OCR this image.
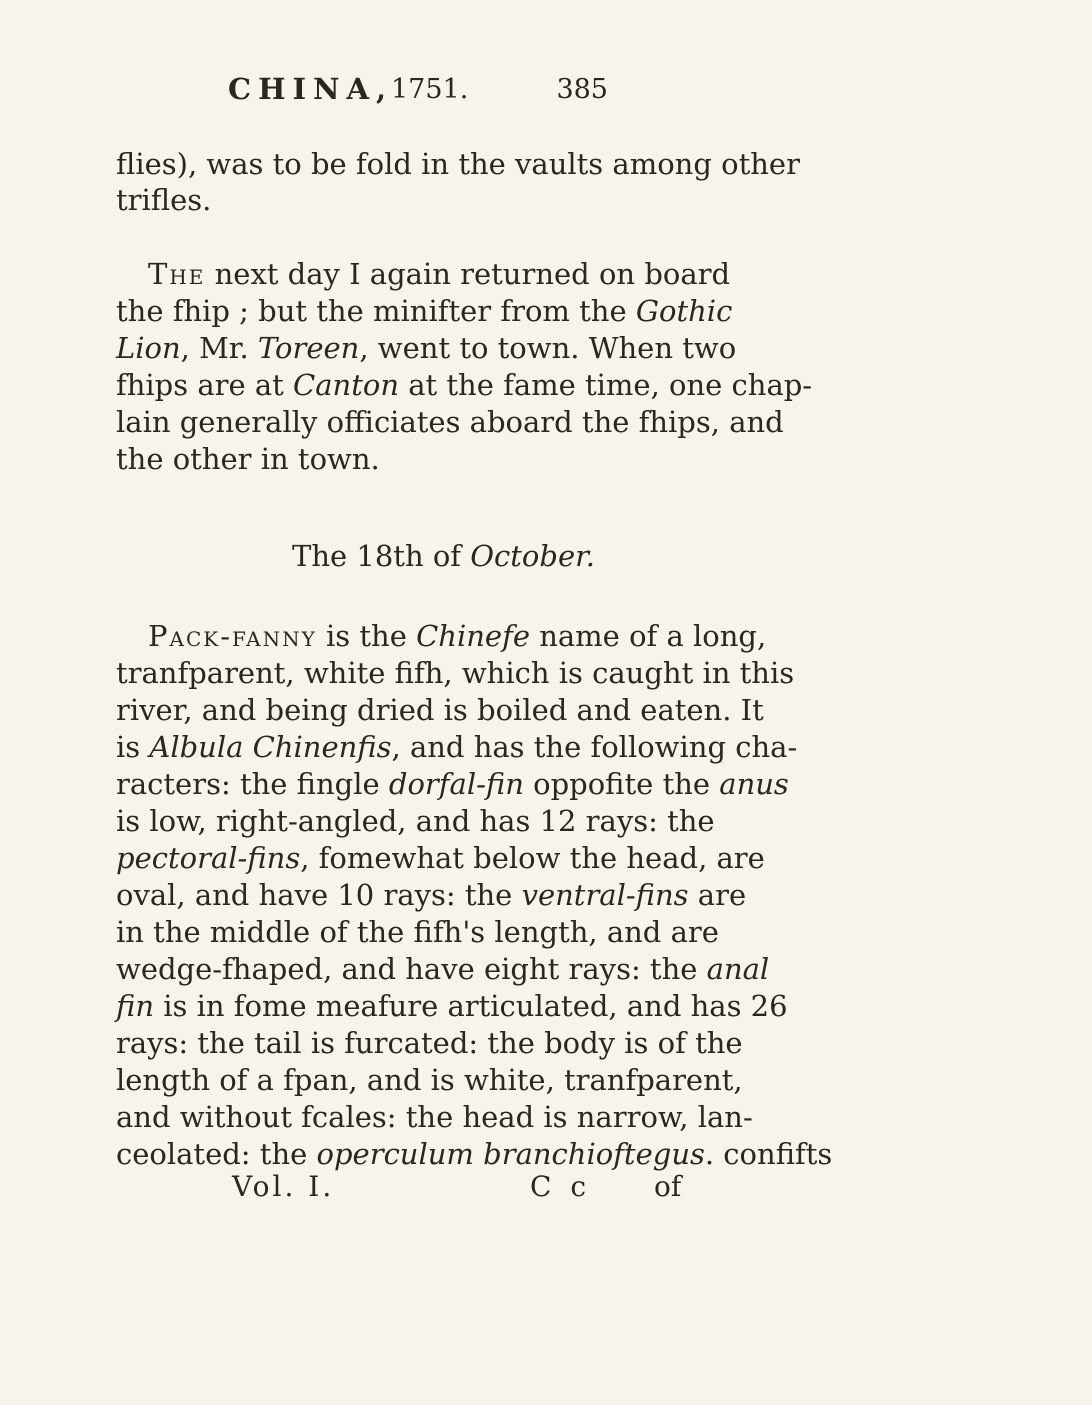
CHINA,
1751.	385
flies), was to be fold in the vaults among other
trifles.
The next day I again returned on board
the fhip ; but the minifter from the Gothic
Lion, Mr. Toreen, went to town. When two
fhips are at Canton at the fame time, one chap-
lain generally officiates aboard the fhips, and
the other in town.
The 18th of October.
Pack-fanny is the Chinefe name of a long,
tranfparent, white fifh, which is caught in this
river, and being dried is boiled and eaten. It
is Albula Chinenfis, and has the following cha-
racters: the fingle dorfal-fin oppofite the anus
is low, right-angled, and has 12 rays: the
pectoral-fins, fomewhat below the head, are
oval, and have 10 rays: the ventral-fins are
in the middle of the fifh's length, and are
wedge-fhaped, and have eight rays: the anal
fin is in fome meafure articulated, and has 26
rays: the tail is furcated: the body is of the
length of a fpan, and is white, tranfparent,
and without fcales: the head is narrow, lan-
ceolated: the operculum branchioftegus. confifts
Vol. I.	C c of
